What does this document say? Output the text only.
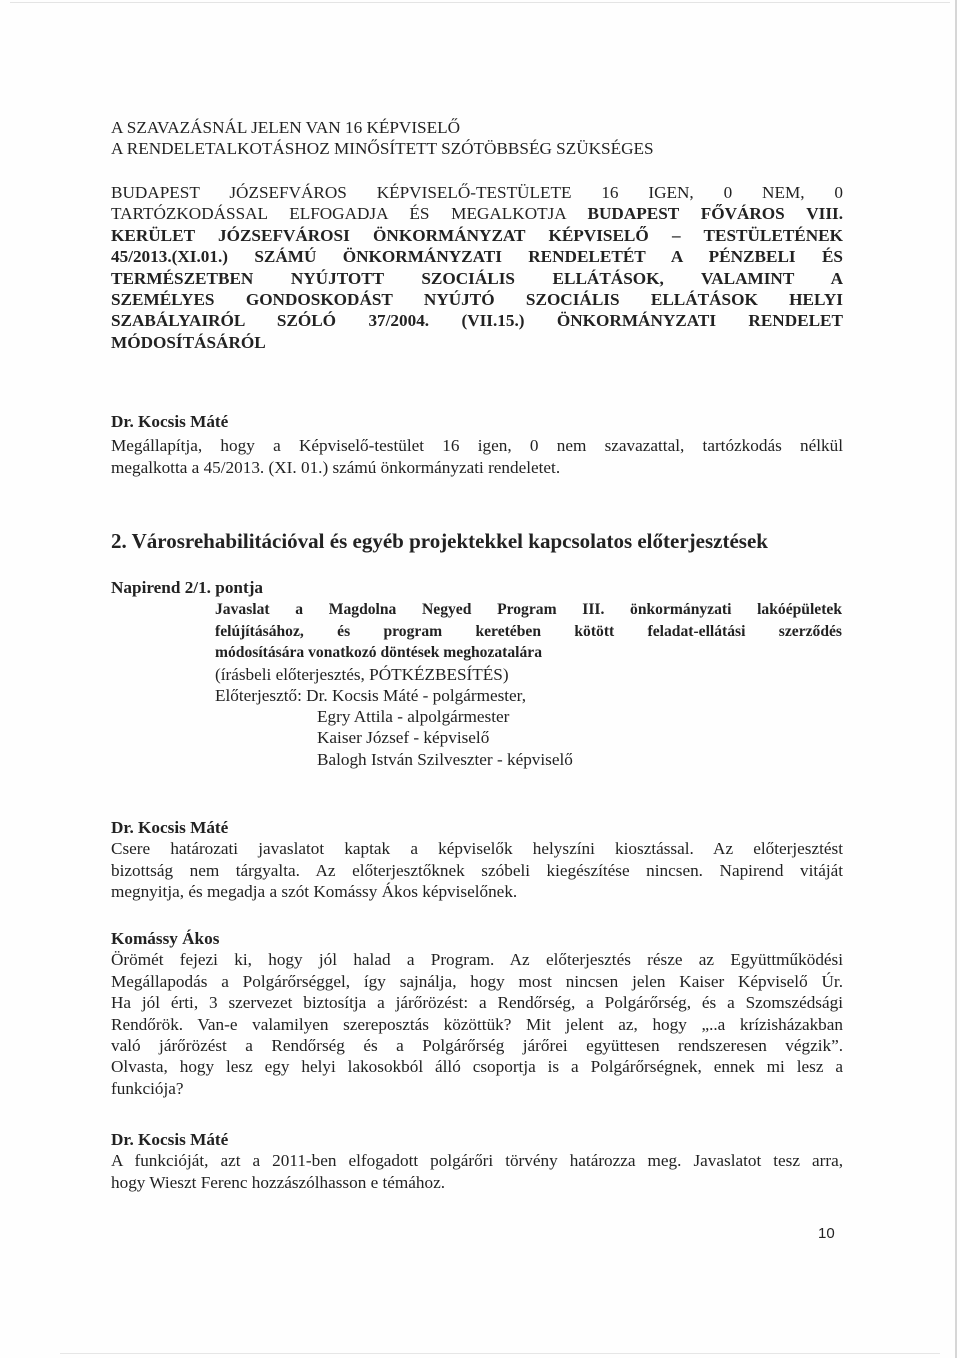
A SZAVAZÁSNÁL JELEN VAN 16 KÉPVISELŐ
A RENDELETALKOTÁSHOZ MINŐSÍTETT SZÓTÖBBSÉG SZÜKSÉGES
BUDAPEST JÓZSEFVÁROS KÉPVISELŐ-TESTÜLETE 16 IGEN, 0 NEM, 0
TARTÓZKODÁSSAL ELFOGADJA ÉS MEGALKOTJA BUDAPEST FŐVÁROS VIII.
KERÜLET JÓZSEFVÁROSI ÖNKORMÁNYZAT KÉPVISELŐ – TESTÜLETÉNEK
45/2013.(XI.01.) SZÁMÚ ÖNKORMÁNYZATI RENDELETÉT A PÉNZBELI ÉS
TERMÉSZETBEN NYÚJTOTT SZOCIÁLIS ELLÁTÁSOK, VALAMINT A
SZEMÉLYES GONDOSKODÁST NYÚJTÓ SZOCIÁLIS ELLÁTÁSOK HELYI
SZABÁLYAIRÓL SZÓLÓ 37/2004. (VII.15.) ÖNKORMÁNYZATI RENDELET
MÓDOSÍTÁSÁRÓL
Dr. Kocsis Máté
Megállapítja, hogy a Képviselő-testület 16 igen, 0 nem szavazattal, tartózkodás nélkül
megalkotta a 45/2013. (XI. 01.) számú önkormányzati rendeletet.
2. Városrehabilitációval és egyéb projektekkel kapcsolatos előterjesztések
Napirend 2/1. pontja
Javaslat a Magdolna Negyed Program III. önkormányzati lakóépületek
felújításához, és program keretében kötött feladat-ellátási szerződés
módosítására vonatkozó döntések meghozatalára
(írásbeli előterjesztés, PÓTKÉZBESÍTÉS)
Előterjesztő: Dr. Kocsis Máté - polgármester,
Egry Attila - alpolgármester
Kaiser József - képviselő
Balogh István Szilveszter - képviselő
Dr. Kocsis Máté
Csere határozati javaslatot kaptak a képviselők helyszíni kiosztással. Az előterjesztést
bizottság nem tárgyalta. Az előterjesztőknek szóbeli kiegészítése nincsen. Napirend vitáját
megnyitja, és megadja a szót Komássy Ákos képviselőnek.
Komássy Ákos
Örömét fejezi ki, hogy jól halad a Program. Az előterjesztés része az Együttműködési
Megállapodás a Polgárőrséggel, így sajnálja, hogy most nincsen jelen Kaiser Képviselő Úr.
Ha jól érti, 3 szervezet biztosítja a járőrözést: a Rendőrség, a Polgárőrség, és a Szomszédsági
Rendőrök. Van-e valamilyen szereposztás közöttük? Mit jelent az, hogy „..a krízisházakban
való járőrözést a Rendőrség és a Polgárőrség járőrei együttesen rendszeresen végzik”.
Olvasta, hogy lesz egy helyi lakosokból álló csoportja is a Polgárőrségnek, ennek mi lesz a
funkciója?
Dr. Kocsis Máté
A funkcióját, azt a 2011-ben elfogadott polgárőri törvény határozza meg. Javaslatot tesz arra,
hogy Wieszt Ferenc hozzászólhasson e témához.
10
